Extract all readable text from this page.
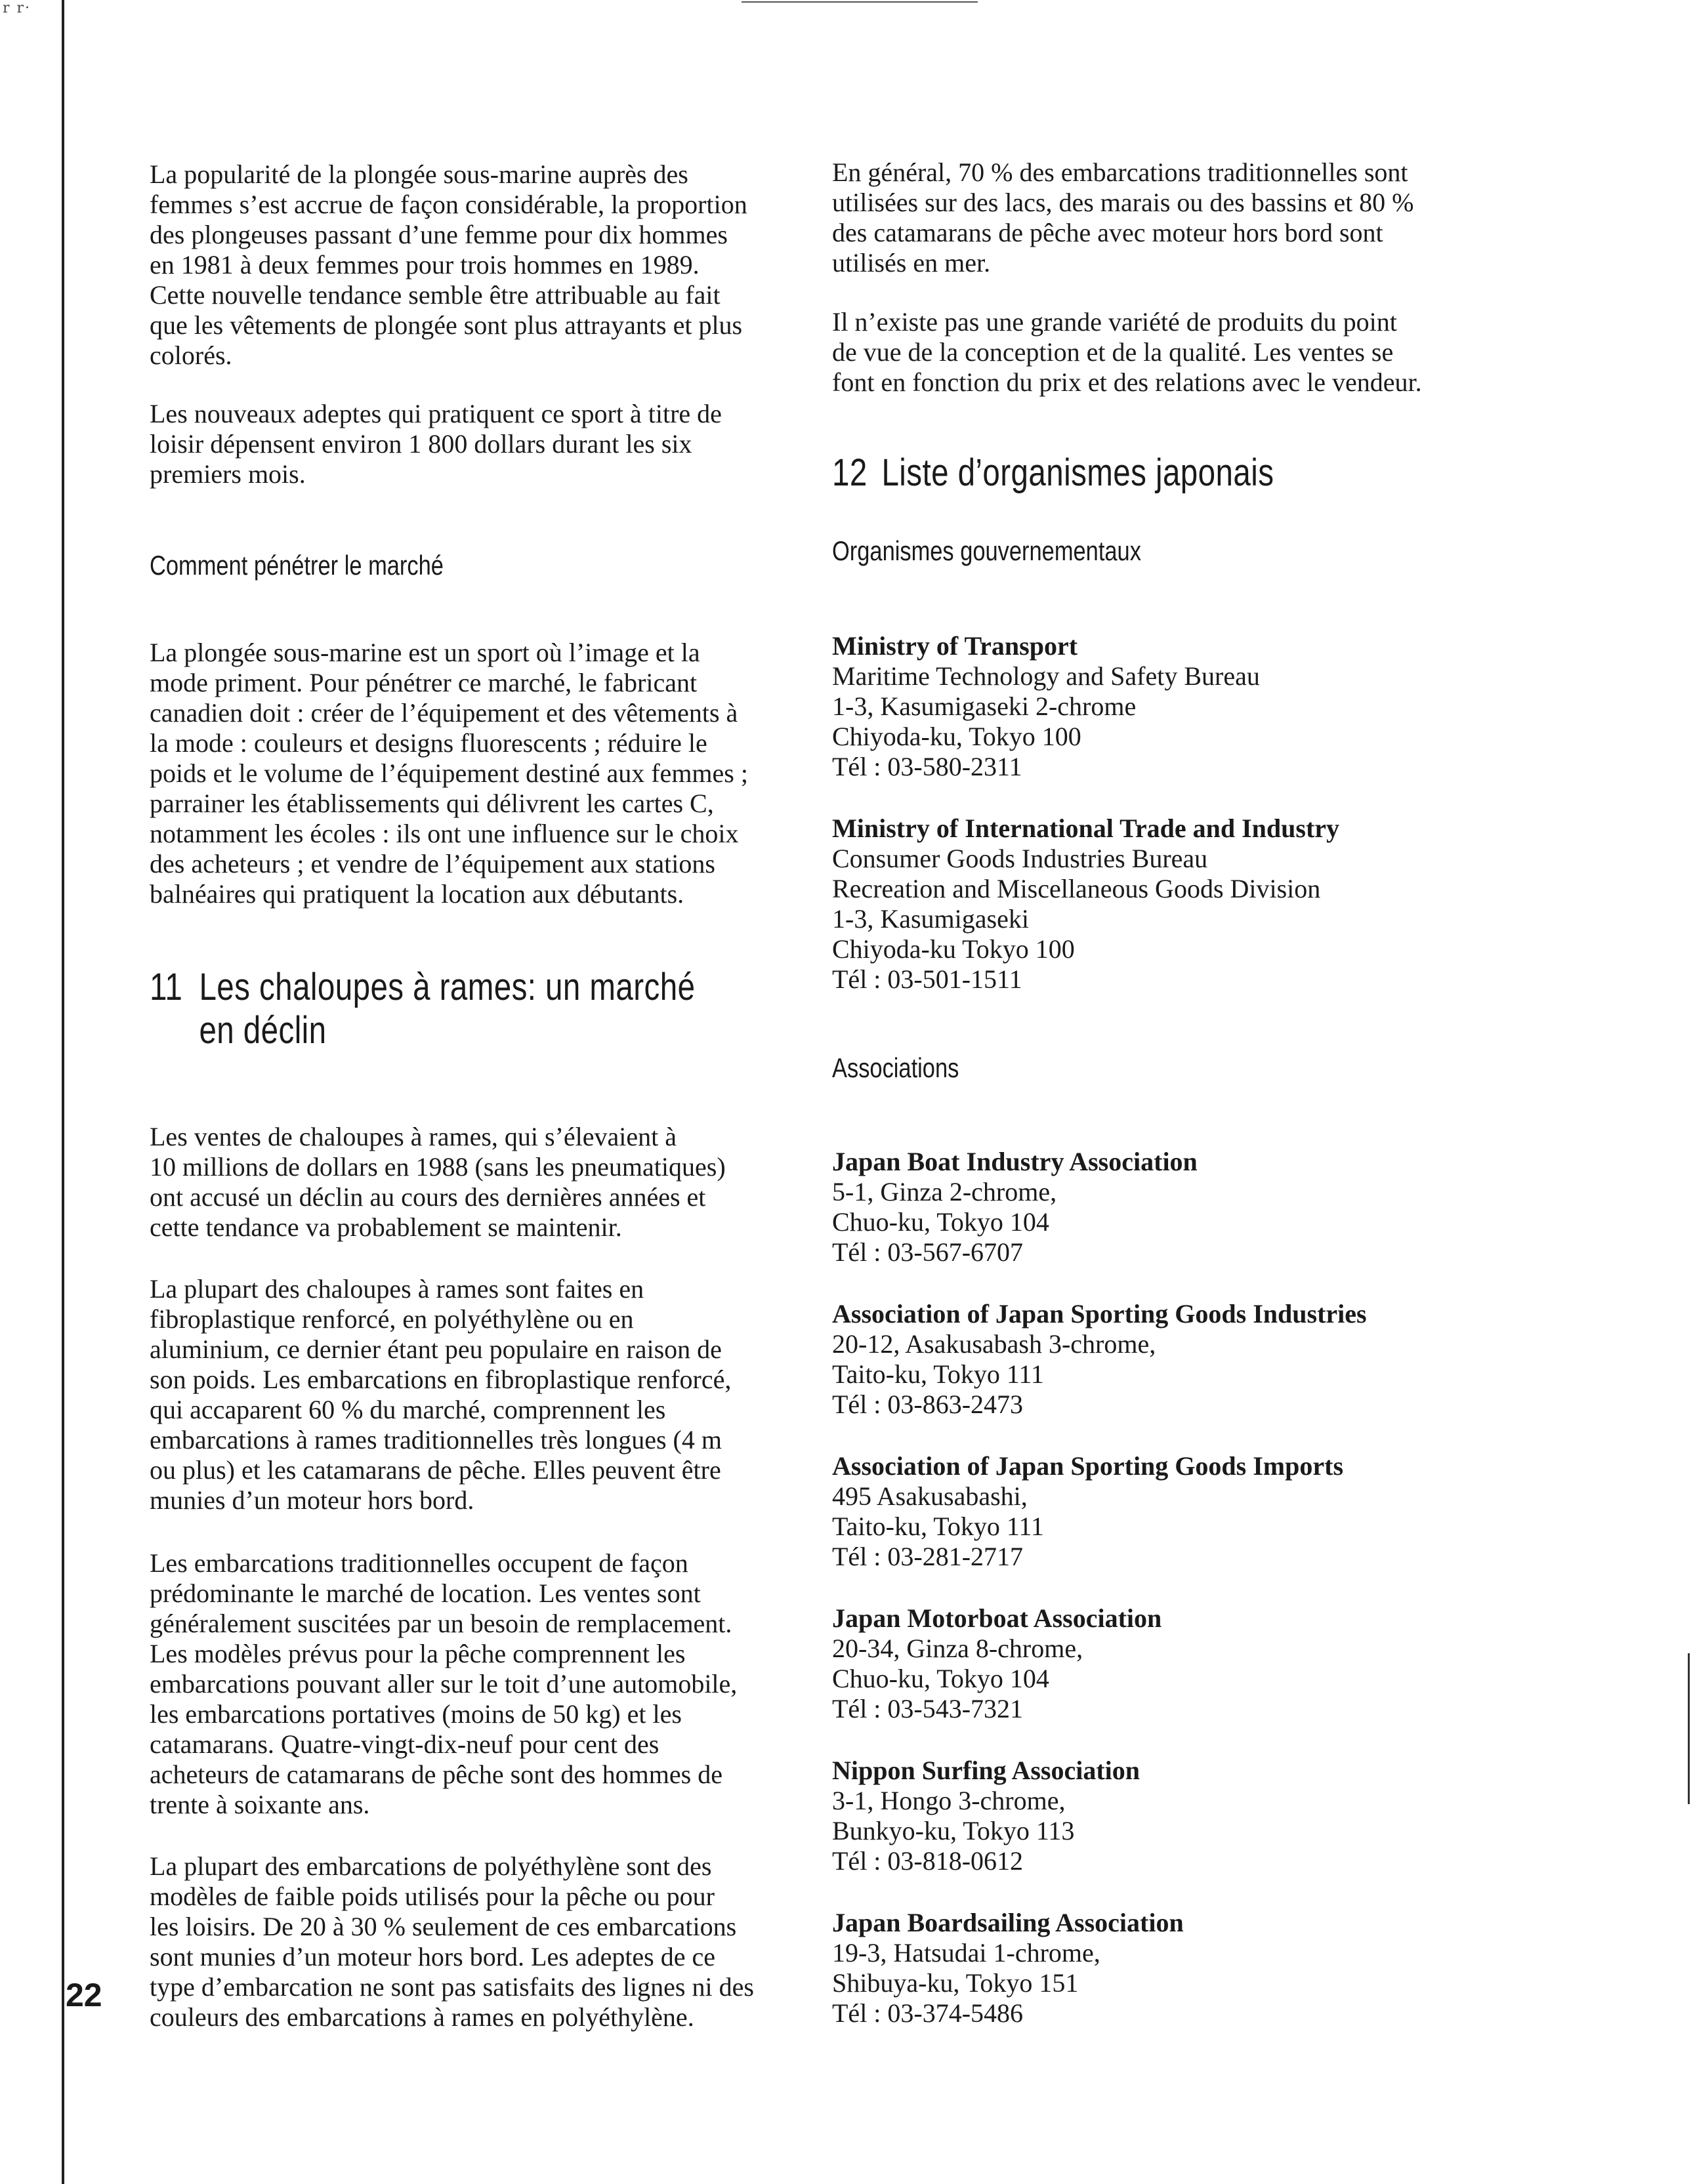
r r·

La popularité de la plongée sous-marine auprès des
femmes s’est accrue de façon considérable, la proportion
des plongeuses passant d’une femme pour dix hommes
en 1981 à deux femmes pour trois hommes en 1989.
Cette nouvelle tendance semble être attribuable au fait
que les vêtements de plongée sont plus attrayants et plus
colorés.

Les nouveaux adeptes qui pratiquent ce sport à titre de
loisir dépensent environ 1 800 dollars durant les six
premiers mois.

Comment pénétrer le marché

La plongée sous-marine est un sport où l’image et la
mode priment. Pour pénétrer ce marché, le fabricant
canadien doit : créer de l’équipement et des vêtements à
la mode : couleurs et designs fluorescents ; réduire le
poids et le volume de l’équipement destiné aux femmes ;
parrainer les établissements qui délivrent les cartes C,
notamment les écoles : ils ont une influence sur le choix
des acheteurs ; et vendre de l’équipement aux stations
balnéaires qui pratiquent la location aux débutants.

11 Les chaloupes à rames: un marché
en déclin

Les ventes de chaloupes à rames, qui s’élevaient à
10 millions de dollars en 1988 (sans les pneumatiques)
ont accusé un déclin au cours des dernières années et
cette tendance va probablement se maintenir.

La plupart des chaloupes à rames sont faites en
fibroplastique renforcé, en polyéthylène ou en
aluminium, ce dernier étant peu populaire en raison de
son poids. Les embarcations en fibroplastique renforcé,
qui accaparent 60 % du marché, comprennent les
embarcations à rames traditionnelles très longues (4 m
ou plus) et les catamarans de pêche. Elles peuvent être
munies d’un moteur hors bord.

Les embarcations traditionnelles occupent de façon
prédominante le marché de location. Les ventes sont
généralement suscitées par un besoin de remplacement.
Les modèles prévus pour la pêche comprennent les
embarcations pouvant aller sur le toit d’une automobile,
les embarcations portatives (moins de 50 kg) et les
catamarans. Quatre-vingt-dix-neuf pour cent des
acheteurs de catamarans de pêche sont des hommes de
trente à soixante ans.

La plupart des embarcations de polyéthylène sont des
modèles de faible poids utilisés pour la pêche ou pour
les loisirs. De 20 à 30 % seulement de ces embarcations
sont munies d’un moteur hors bord. Les adeptes de ce
type d’embarcation ne sont pas satisfaits des lignes ni des
couleurs des embarcations à rames en polyéthylène.

En général, 70 % des embarcations traditionnelles sont
utilisées sur des lacs, des marais ou des bassins et 80 %
des catamarans de pêche avec moteur hors bord sont
utilisés en mer.

Il n’existe pas une grande variété de produits du point
de vue de la conception et de la qualité. Les ventes se
font en fonction du prix et des relations avec le vendeur.

12 Liste d’organismes japonais
Organismes gouvernementaux

Ministry of Transport

Maritime Technology and Safety Bureau

1-3, Kasumigaseki 2-chrome

Chiyoda-ku, Tokyo 100

Tél : 03-580-2311

Ministry of International Trade and Industry

Consumer Goods Industries Bureau

Recreation and Miscellaneous Goods Division

1-3, Kasumigaseki

Chiyoda-ku Tokyo 100

Tél : 03-501-1511

Associations

Japan Boat Industry Association

5-1, Ginza 2-chrome,

Chuo-ku, Tokyo 104

Tél : 03-567-6707

Association of Japan Sporting Goods Industries

20-12, Asakusabash 3-chrome,

Taito-ku, Tokyo 111

Tél : 03-863-2473

Association of Japan Sporting Goods Imports

495 Asakusabashi,

Taito-ku, Tokyo 111

Tél : 03-281-2717

Japan Motorboat Association

20-34, Ginza 8-chrome,

Chuo-ku, Tokyo 104

Tél : 03-543-7321

Nippon Surfing Association

3-1, Hongo 3-chrome,

Bunkyo-ku, Tokyo 113

Tél : 03-818-0612

Japan Boardsailing Association

19-3, Hatsudai 1-chrome,

Shibuya-ku, Tokyo 151

Tél : 03-374-5486

22
